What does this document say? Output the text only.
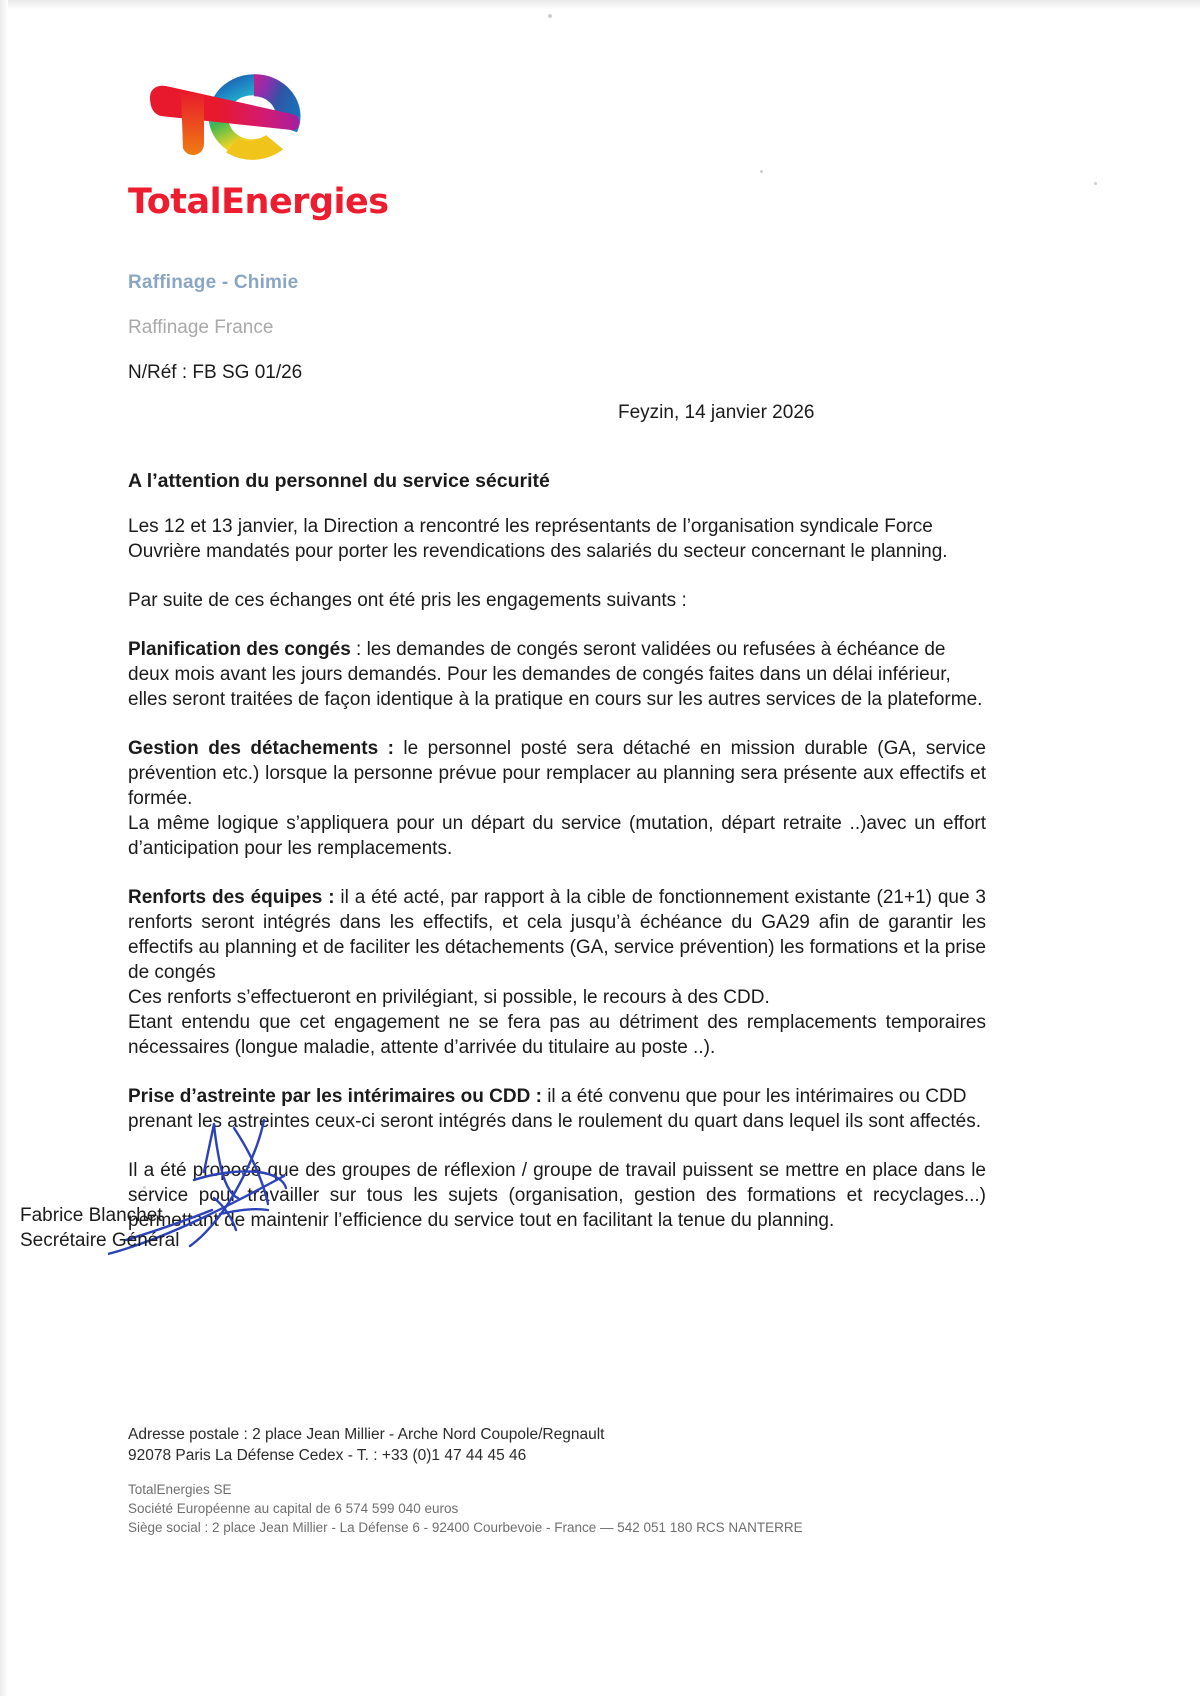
TotalEnergies
Raffinage - Chimie
Raffinage France
N/Réf : FB SG 01/26
Feyzin, 14 janvier 2026
A l’attention du personnel du service sécurité

Les 12 et 13 janvier, la Direction a rencontré les représentants de l’organisation syndicale Force Ouvrière mandatés pour porter les revendications des salariés du secteur concernant le planning.

Par suite de ces échanges ont été pris les engagements suivants :

Planification des congés : les demandes de congés seront validées ou refusées à échéance de deux mois avant les jours demandés. Pour les demandes de congés faites dans un délai inférieur, elles seront traitées de façon identique à la pratique en cours sur les autres services de la plateforme.

Gestion des détachements : le personnel posté sera détaché en mission durable (GA, service prévention etc.) lorsque la personne prévue pour remplacer au planning sera présente aux effectifs et formée.
La même logique s’appliquera pour un départ du service (mutation, départ retraite ..)avec un effort d’anticipation pour les remplacements.

Renforts des équipes : il a été acté, par rapport à la cible de fonctionnement existante (21+1) que 3 renforts seront intégrés dans les effectifs, et cela jusqu’à échéance du GA29 afin de garantir les effectifs au planning et de faciliter les détachements (GA, service prévention) les formations et la prise de congés
Ces renforts s’effectueront en privilégiant, si possible, le recours à des CDD.
Etant entendu que cet engagement ne se fera pas au détriment des remplacements temporaires nécessaires (longue maladie, attente d’arrivée du titulaire au poste ..).

Prise d’astreinte par les intérimaires ou CDD : il a été convenu que pour les intérimaires ou CDD prenant les astreintes ceux-ci seront intégrés dans le roulement du quart dans lequel ils sont affectés.

Il a été proposé que des groupes de réflexion / groupe de travail puissent se mettre en place dans le service pour travailler sur tous les sujets (organisation, gestion des formations et recyclages...) permettant de maintenir l’efficience du service tout en facilitant la tenue du planning.

Fabrice Blanchet
Secrétaire Général
Adresse postale : 2 place Jean Millier - Arche Nord Coupole/Regnault
92078 Paris La Défense Cedex - T. : +33 (0)1 47 44 45 46
TotalEnergies SE
Société Européenne au capital de 6 574 599 040 euros
Siège social : 2 place Jean Millier - La Défense 6 - 92400 Courbevoie - France — 542 051 180 RCS NANTERRE
